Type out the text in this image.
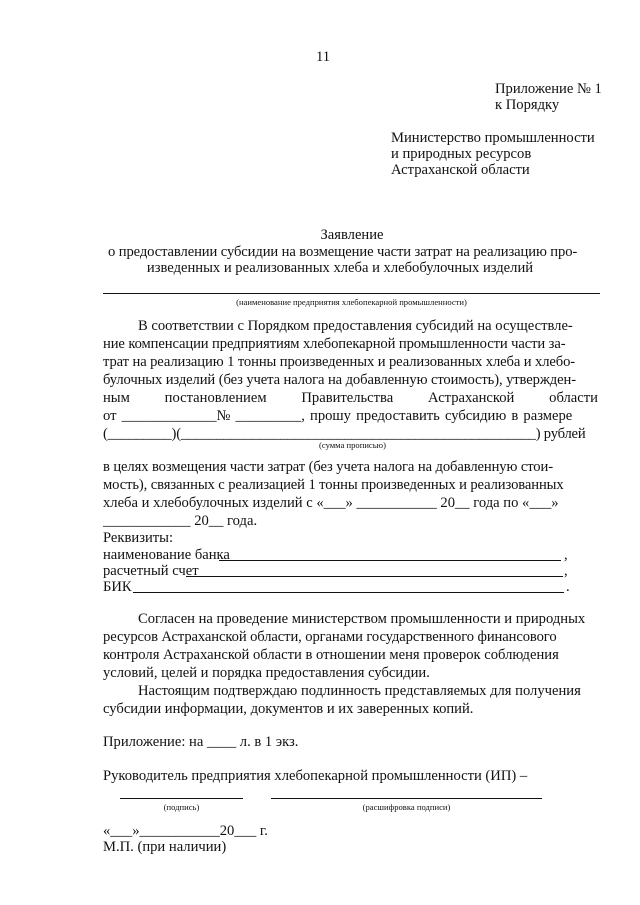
11
Приложение № 1
к Порядку
Министерство промышленности
и природных ресурсов
Астраханской области
Заявление
о предоставлении субсидии на возмещение части затрат на реализацию про-
изведенных и реализованных хлеба и хлебобулочных изделий
(наименование предприятия хлебопекарной промышленности)
В соответствии с Порядком предоставления субсидий на осуществле-
ние компенсации предприятиям хлебопекарной промышленности части за-
трат на реализацию 1 тонны произведенных и реализованных хлеба и хлебо-
булочных изделий (без учета налога на добавленную стоимость), утвержден-
ным постановлением Правительства Астраханской области
от _____________№ _________, прошу предоставить субсидию в размере
(_________)(__________________________________________________) рублей
(сумма прописью)
в целях возмещения части затрат (без учета налога на добавленную стои-
мость), связанных с реализацией 1 тонны произведенных и реализованных
хлеба и хлебобулочных изделий с «___» ___________ 20__ года по «___»
____________ 20__ года.
Реквизиты:
наименование банка	,
расчетный счет	,
БИК	.
Согласен на проведение министерством промышленности и природных
ресурсов Астраханской области, органами государственного финансового
контроля Астраханской области в отношении меня проверок соблюдения
условий, целей и порядка предоставления субсидии.
Настоящим подтверждаю подлинность представляемых для получения
субсидии информации, документов и их заверенных копий.
Приложение: на ____ л. в 1 экз.
Руководитель предприятия хлебопекарной промышленности (ИП) –
(подпись)	(расшифровка подписи)
«___»___________20___ г.
М.П. (при наличии)
